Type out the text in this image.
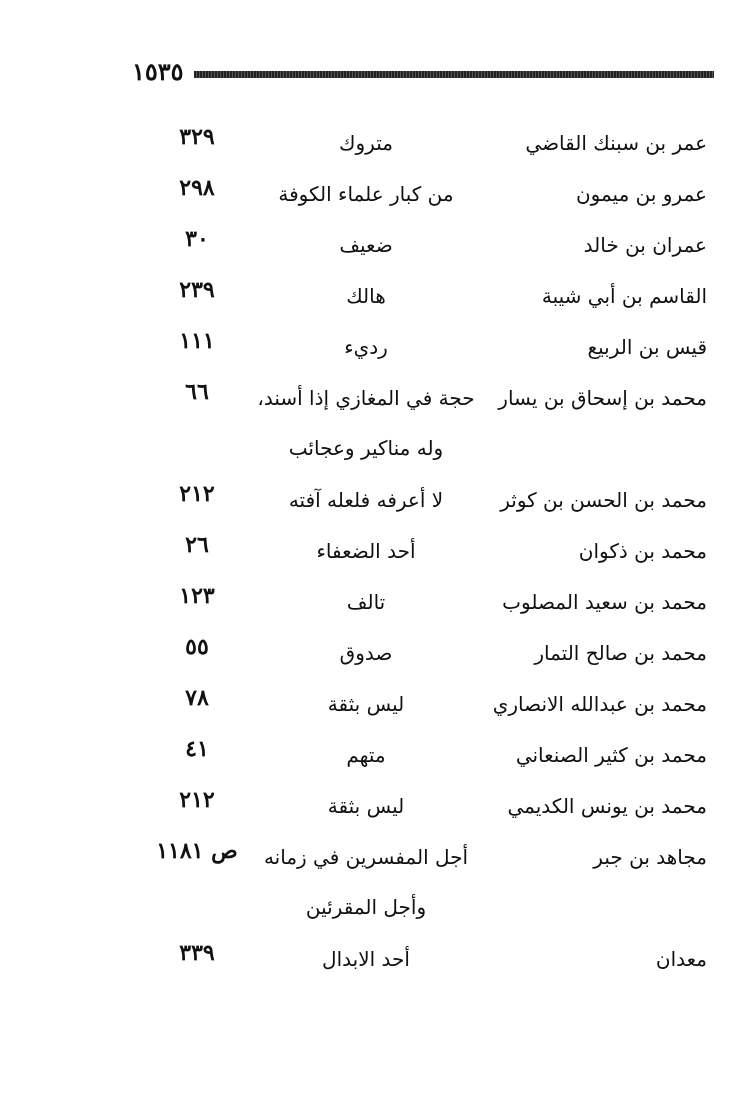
١٥٣٥
عمر بن سبنك القاضي
متروك
٣٢٩
عمرو بن ميمون
من كبار علماء الكوفة
٢٩٨
عمران بن خالد
ضعيف
٣٠
القاسم بن أبي شيبة
هالك
٢٣٩
قيس بن الربيع
رديء
١١١
محمد بن إسحاق بن يسار
حجة في المغازي إذا أسند، وله مناكير وعجائب
٦٦
محمد بن الحسن بن كوثر
لا أعرفه فلعله آفته
٢١٢
محمد بن ذكوان
أحد الضعفاء
٢٦
محمد بن سعيد المصلوب
تالف
١٢٣
محمد بن صالح التمار
صدوق
٥٥
محمد بن عبدالله الانصاري
ليس بثقة
٧٨
محمد بن كثير الصنعاني
متهم
٤١
محمد بن يونس الكديمي
ليس بثقة
٢١٢
مجاهد بن جبر
أجل المفسرين في زمانه وأجل المقرئين
ص ١١٨١
معدان
أحد الابدال
٣٣٩
